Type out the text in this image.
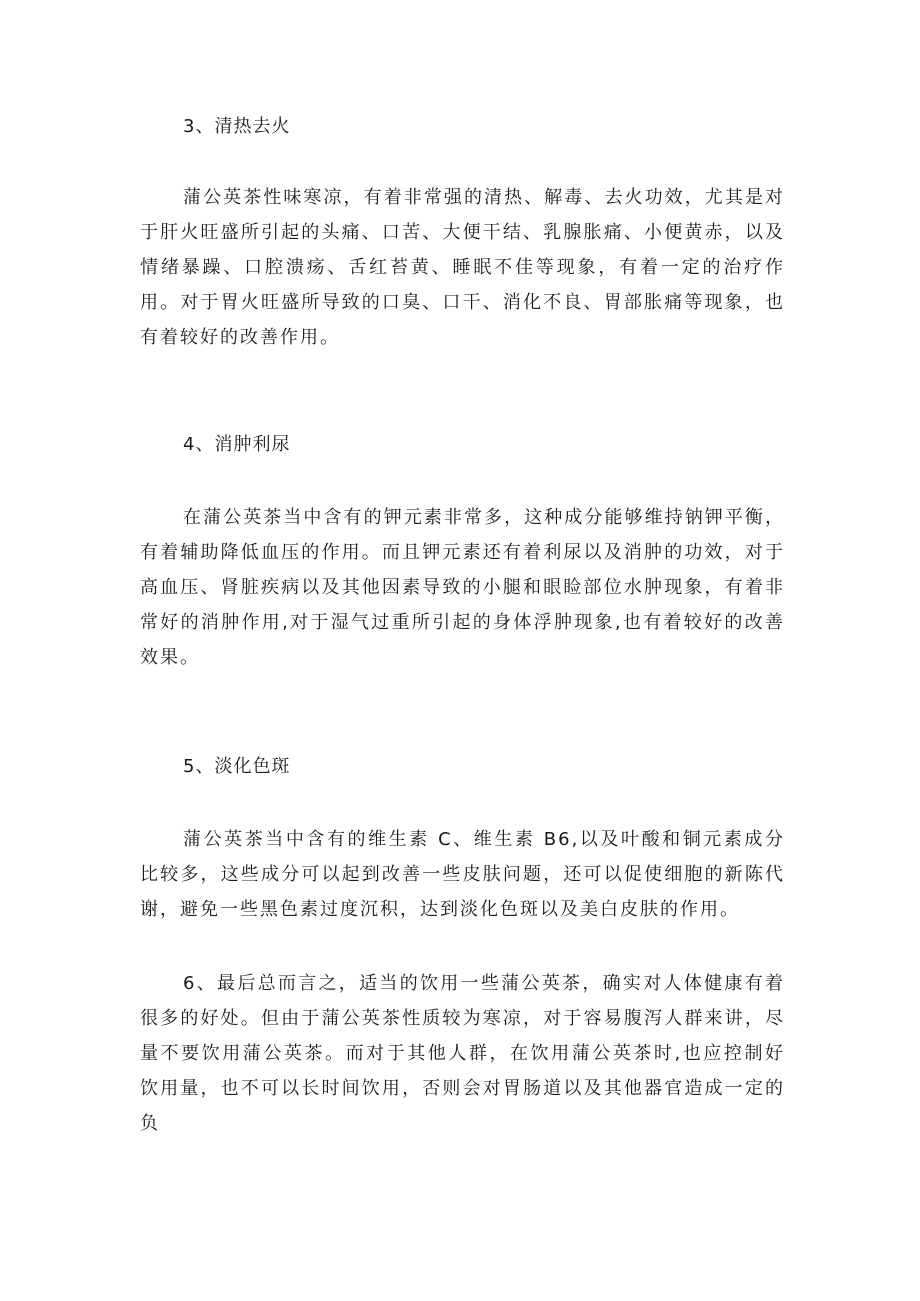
3、清热去火

蒲公英茶性味寒凉，有着非常强的清热、解毒、去火功效，尤其是对于肝火旺盛所引起的头痛、口苦、大便干结、乳腺胀痛、小便黄赤，以及情绪暴躁、口腔溃疡、舌红苔黄、睡眠不佳等现象，有着一定的治疗作用。对于胃火旺盛所导致的口臭、口干、消化不良、胃部胀痛等现象，也有着较好的改善作用。

4、消肿利尿

在蒲公英茶当中含有的钾元素非常多，这种成分能够维持钠钾平衡，有着辅助降低血压的作用。而且钾元素还有着利尿以及消肿的功效，对于高血压、肾脏疾病以及其他因素导致的小腿和眼睑部位水肿现象，有着非常好的消肿作用,对于湿气过重所引起的身体浮肿现象,也有着较好的改善效果。

5、淡化色斑

蒲公英茶当中含有的维生素 C、维生素 B6,以及叶酸和铜元素成分比较多，这些成分可以起到改善一些皮肤问题，还可以促使细胞的新陈代谢，避免一些黑色素过度沉积，达到淡化色斑以及美白皮肤的作用。

6、最后总而言之，适当的饮用一些蒲公英茶，确实对人体健康有着很多的好处。但由于蒲公英茶性质较为寒凉，对于容易腹泻人群来讲，尽量不要饮用蒲公英茶。而对于其他人群，在饮用蒲公英茶时,也应控制好饮用量，也不可以长时间饮用，否则会对胃肠道以及其他器官造成一定的负
